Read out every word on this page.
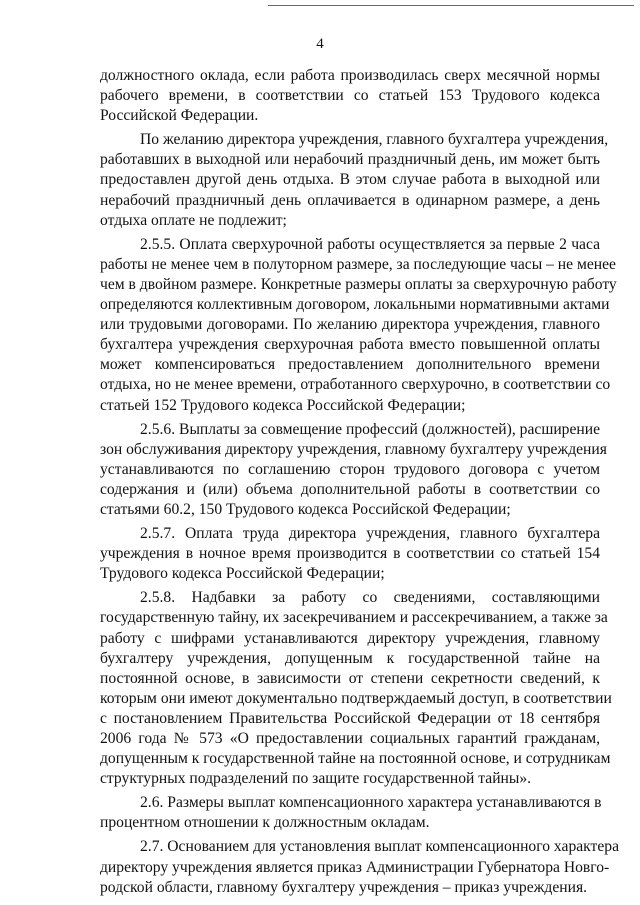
4
должностного оклада, если работа производилась сверх месячной нормы
рабочего времени, в соответствии со статьей 153 Трудового кодекса
Российской Федерации.
По желанию директора учреждения, главного бухгалтера учреждения,
работавших в выходной или нерабочий праздничный день, им может быть
предоставлен другой день отдыха. В этом случае работа в выходной или
нерабочий праздничный день оплачивается в одинарном размере, а день
отдыха оплате не подлежит;
2.5.5. Оплата сверхурочной работы осуществляется за первые 2 часа
работы не менее чем в полуторном размере, за последующие часы – не менее
чем в двойном размере. Конкретные размеры оплаты за сверхурочную работу
определяются коллективным договором, локальными нормативными актами
или трудовыми договорами. По желанию директора учреждения, главного
бухгалтера учреждения сверхурочная работа вместо повышенной оплаты
может компенсироваться предоставлением дополнительного времени
отдыха, но не менее времени, отработанного сверхурочно, в соответствии со
статьей 152 Трудового кодекса Российской Федерации;
2.5.6. Выплаты за совмещение профессий (должностей), расширение
зон обслуживания директору учреждения, главному бухгалтеру учреждения
устанавливаются по соглашению сторон трудового договора с учетом
содержания и (или) объема дополнительной работы в соответствии со
статьями 60.2, 150 Трудового кодекса Российской Федерации;
2.5.7. Оплата труда директора учреждения, главного бухгалтера
учреждения в ночное время производится в соответствии со статьей 154
Трудового кодекса Российской Федерации;
2.5.8. Надбавки за работу со сведениями, составляющими
государственную тайну, их засекречиванием и рассекречиванием, а также за
работу с шифрами устанавливаются директору учреждения, главному
бухгалтеру учреждения, допущенным к государственной тайне на
постоянной основе, в зависимости от степени секретности сведений, к
которым они имеют документально подтверждаемый доступ, в соответствии
с постановлением Правительства Российской Федерации от 18 сентября
2006 года № 573 «О предоставлении социальных гарантий гражданам,
допущенным к государственной тайне на постоянной основе, и сотрудникам
структурных подразделений по защите государственной тайны».
2.6. Размеры выплат компенсационного характера устанавливаются в
процентном отношении к должностным окладам.
2.7. Основанием для установления выплат компенсационного характера
директору учреждения является приказ Администрации Губернатора Новго-
родской области, главному бухгалтеру учреждения – приказ учреждения.
